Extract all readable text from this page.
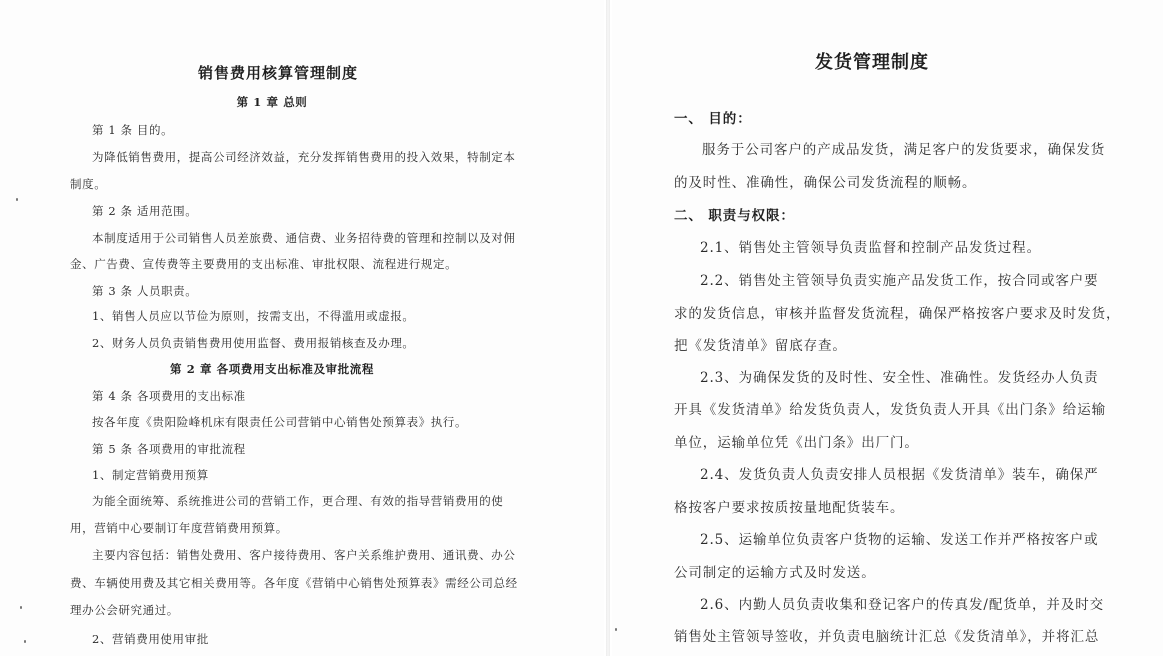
销售费用核算管理制度
第 1 章 总则
第 1 条 目的。
为降低销售费用，提高公司经济效益，充分发挥销售费用的投入效果，特制定本
制度。
第 2 条 适用范围。
本制度适用于公司销售人员差旅费、通信费、业务招待费的管理和控制以及对佣
金、广告费、宣传费等主要费用的支出标准、审批权限、流程进行规定。
第 3 条 人员职责。
1、销售人员应以节俭为原则，按需支出，不得滥用或虚报。
2、财务人员负责销售费用使用监督、费用报销核查及办理。
第 2 章 各项费用支出标准及审批流程
第 4 条 各项费用的支出标准
按各年度《贵阳险峰机床有限责任公司营销中心销售处预算表》执行。
第 5 条 各项费用的审批流程
1、制定营销费用预算
为能全面统筹、系统推进公司的营销工作，更合理、有效的指导营销费用的使
用，营销中心要制订年度营销费用预算。
主要内容包括：销售处费用、客户接待费用、客户关系维护费用、通讯费、办公
费、车辆使用费及其它相关费用等。各年度《营销中心销售处预算表》需经公司总经
理办公会研究通过。
2、营销费用使用审批
发货管理制度
一、 目的：
服务于公司客户的产成品发货，满足客户的发货要求，确保发货
的及时性、准确性，确保公司发货流程的顺畅。
二、 职责与权限：
2.1、销售处主管领导负责监督和控制产品发货过程。
2.2、销售处主管领导负责实施产品发货工作，按合同或客户要
求的发货信息，审核并监督发货流程，确保严格按客户要求及时发货，
把《发货清单》留底存查。
2.3、为确保发货的及时性、安全性、准确性。发货经办人负责
开具《发货清单》给发货负责人，发货负责人开具《出门条》给运输
单位，运输单位凭《出门条》出厂门。
2.4、发货负责人负责安排人员根据《发货清单》装车，确保严
格按客户要求按质按量地配货装车。
2.5、运输单位负责客户货物的运输、发送工作并严格按客户或
公司制定的运输方式及时发送。
2.6、内勤人员负责收集和登记客户的传真发/配货单，并及时交
销售处主管领导签收，并负责电脑统计汇总《发货清单》，并将汇总
